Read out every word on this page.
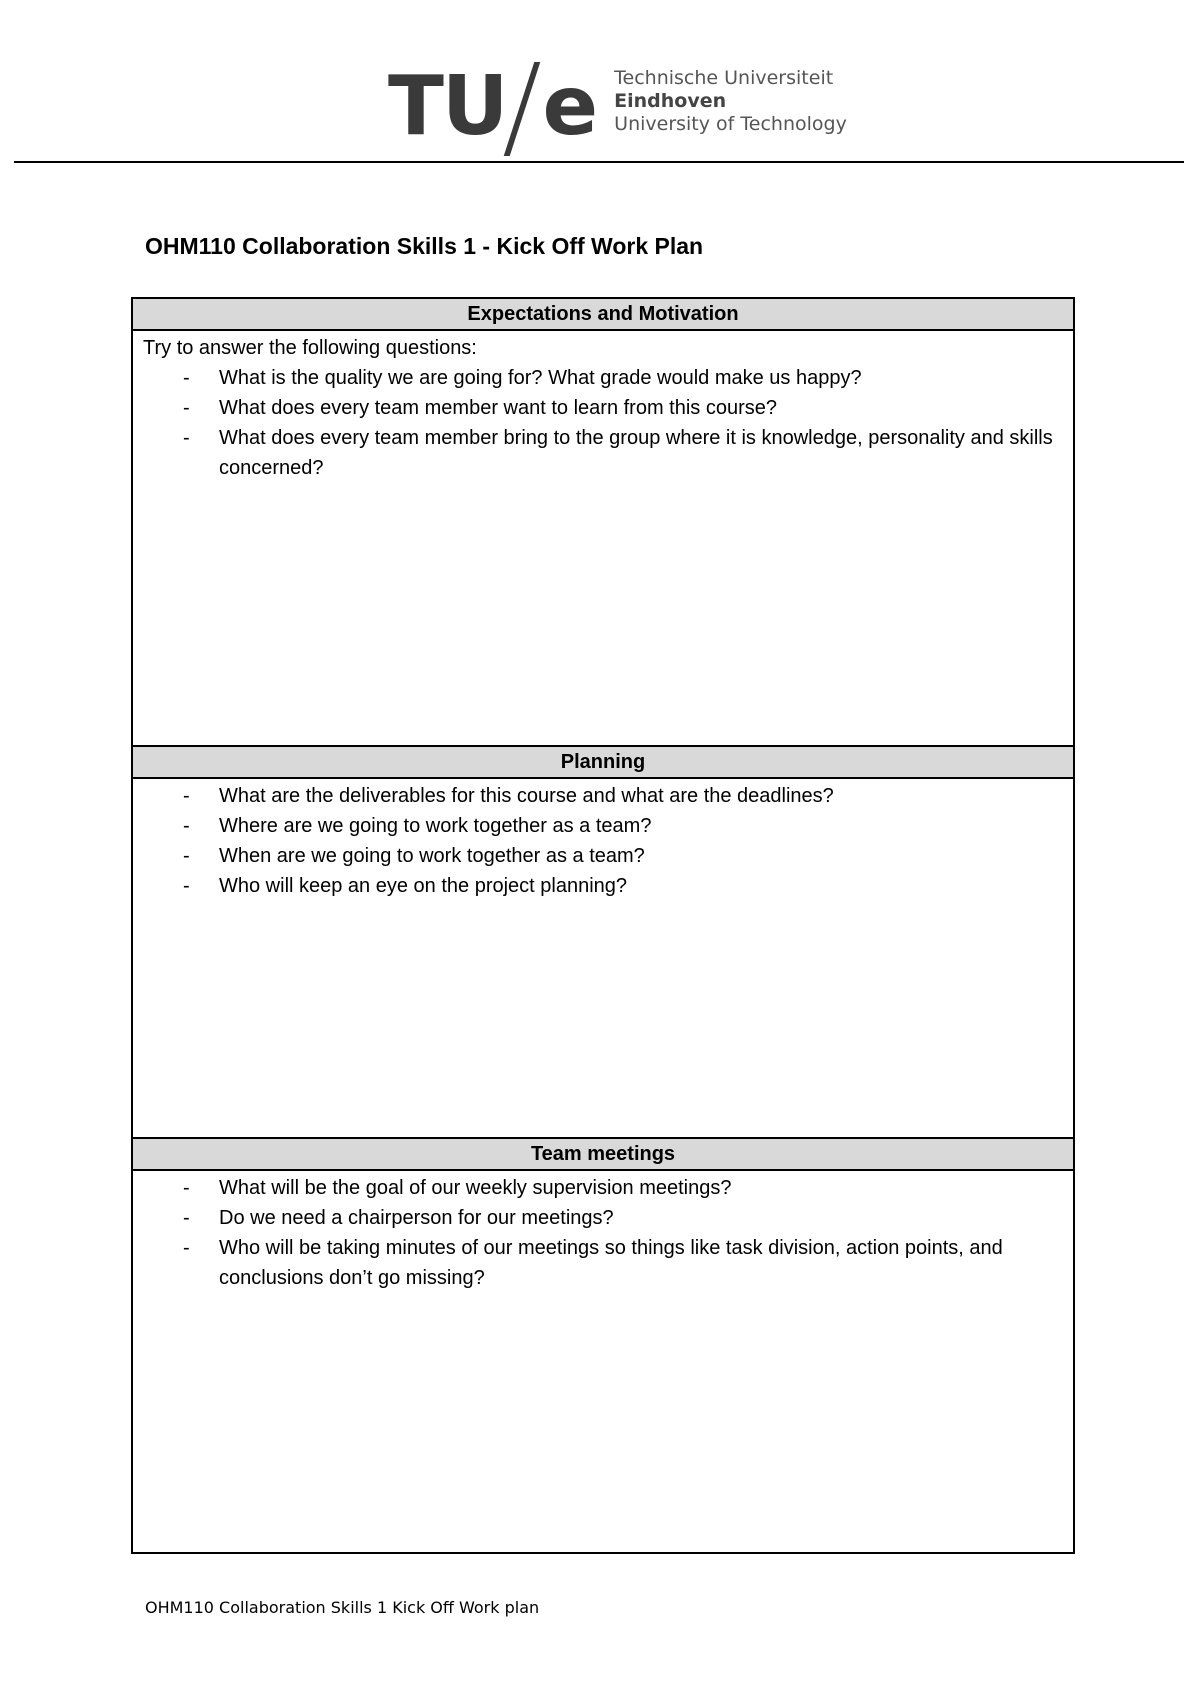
TU e Technische Universiteit
Eindhoven
University of Technology
OHM110 Collaboration Skills 1 - Kick Off Work Plan
Expectations and Motivation

Try to answer the following questions:

- What is the quality we are going for? What grade would make us happy?
- What does every team member want to learn from this course?
- What does every team member bring to the group where it is knowledge, personality and skills concerned?
Planning
- What are the deliverables for this course and what are the deadlines?
- Where are we going to work together as a team?
- When are we going to work together as a team?
- Who will keep an eye on the project planning?
Team meetings
- What will be the goal of our weekly supervision meetings?
- Do we need a chairperson for our meetings?
- Who will be taking minutes of our meetings so things like task division, action points, and conclusions don’t go missing?
OHM110 Collaboration Skills 1 Kick Off Work plan
